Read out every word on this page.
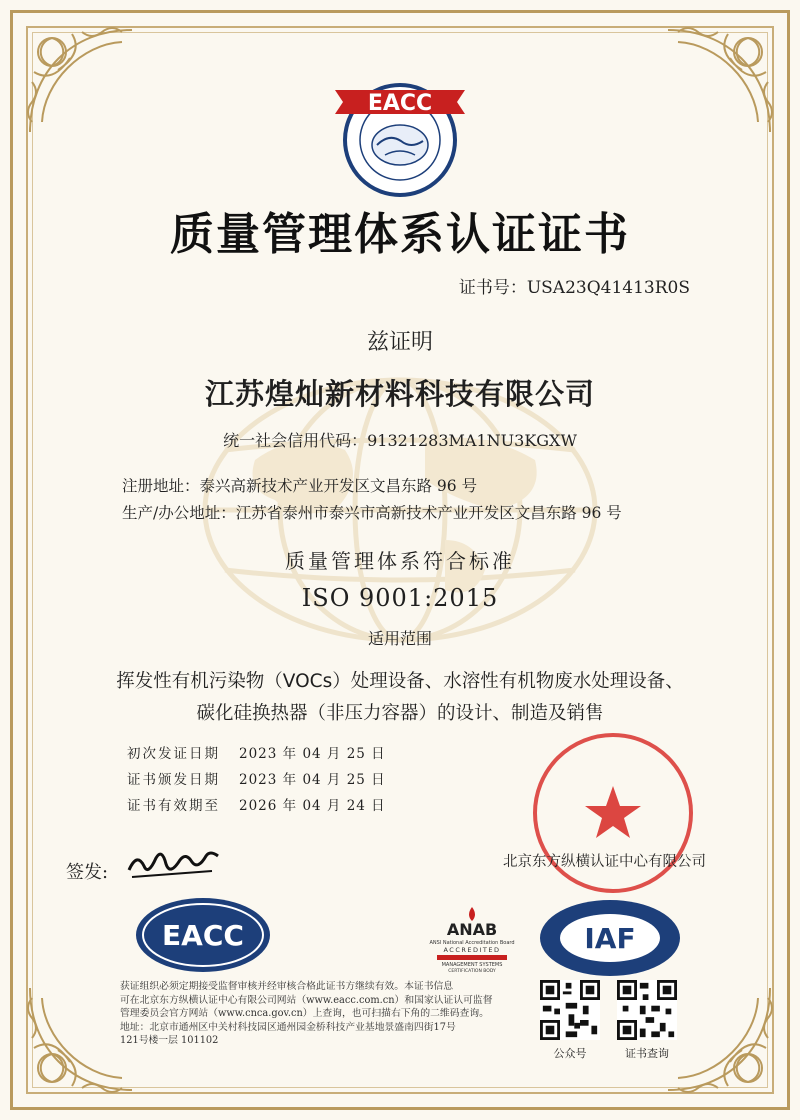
EACC
质量管理体系认证证书
证书号：USA23Q41413R0S
兹证明
江苏煌灿新材料科技有限公司
统一社会信用代码：91321283MA1NU3KGXW
注册地址：泰兴高新技术产业开发区文昌东路 96 号
生产/办公地址：江苏省泰州市泰兴市高新技术产业开发区文昌东路 96 号
质量管理体系符合标准
ISO 9001:2015
适用范围
挥发性有机污染物（VOCs）处理设备、水溶性有机物废水处理设备、
碳化硅换热器（非压力容器）的设计、制造及销售
初次发证日期	2023 年 04 月 25 日
证书颁发日期	2023 年 04 月 25 日
证书有效期至	2026 年 04 月 24 日
签发:	北京东方纵横认证中心有限公司
EACC	ANAB
ANSI National Accreditation Board
ACCREDITED
MANAGEMENT SYSTEMS
CERTIFICATION BODY
IAF
获证组织必须定期接受监督审核并经审核合格此证书方继续有效。本证书信息
可在北京东方纵横认证中心有限公司网站（www.eacc.com.cn）和国家认证认可监督
管理委员会官方网站（www.cnca.gov.cn）上查询，也可扫描右下角的二维码查询。
地址：北京市通州区中关村科技园区通州园金桥科技产业基地景盛南四街17号
121号楼一层 101102
公众号	证书查询
